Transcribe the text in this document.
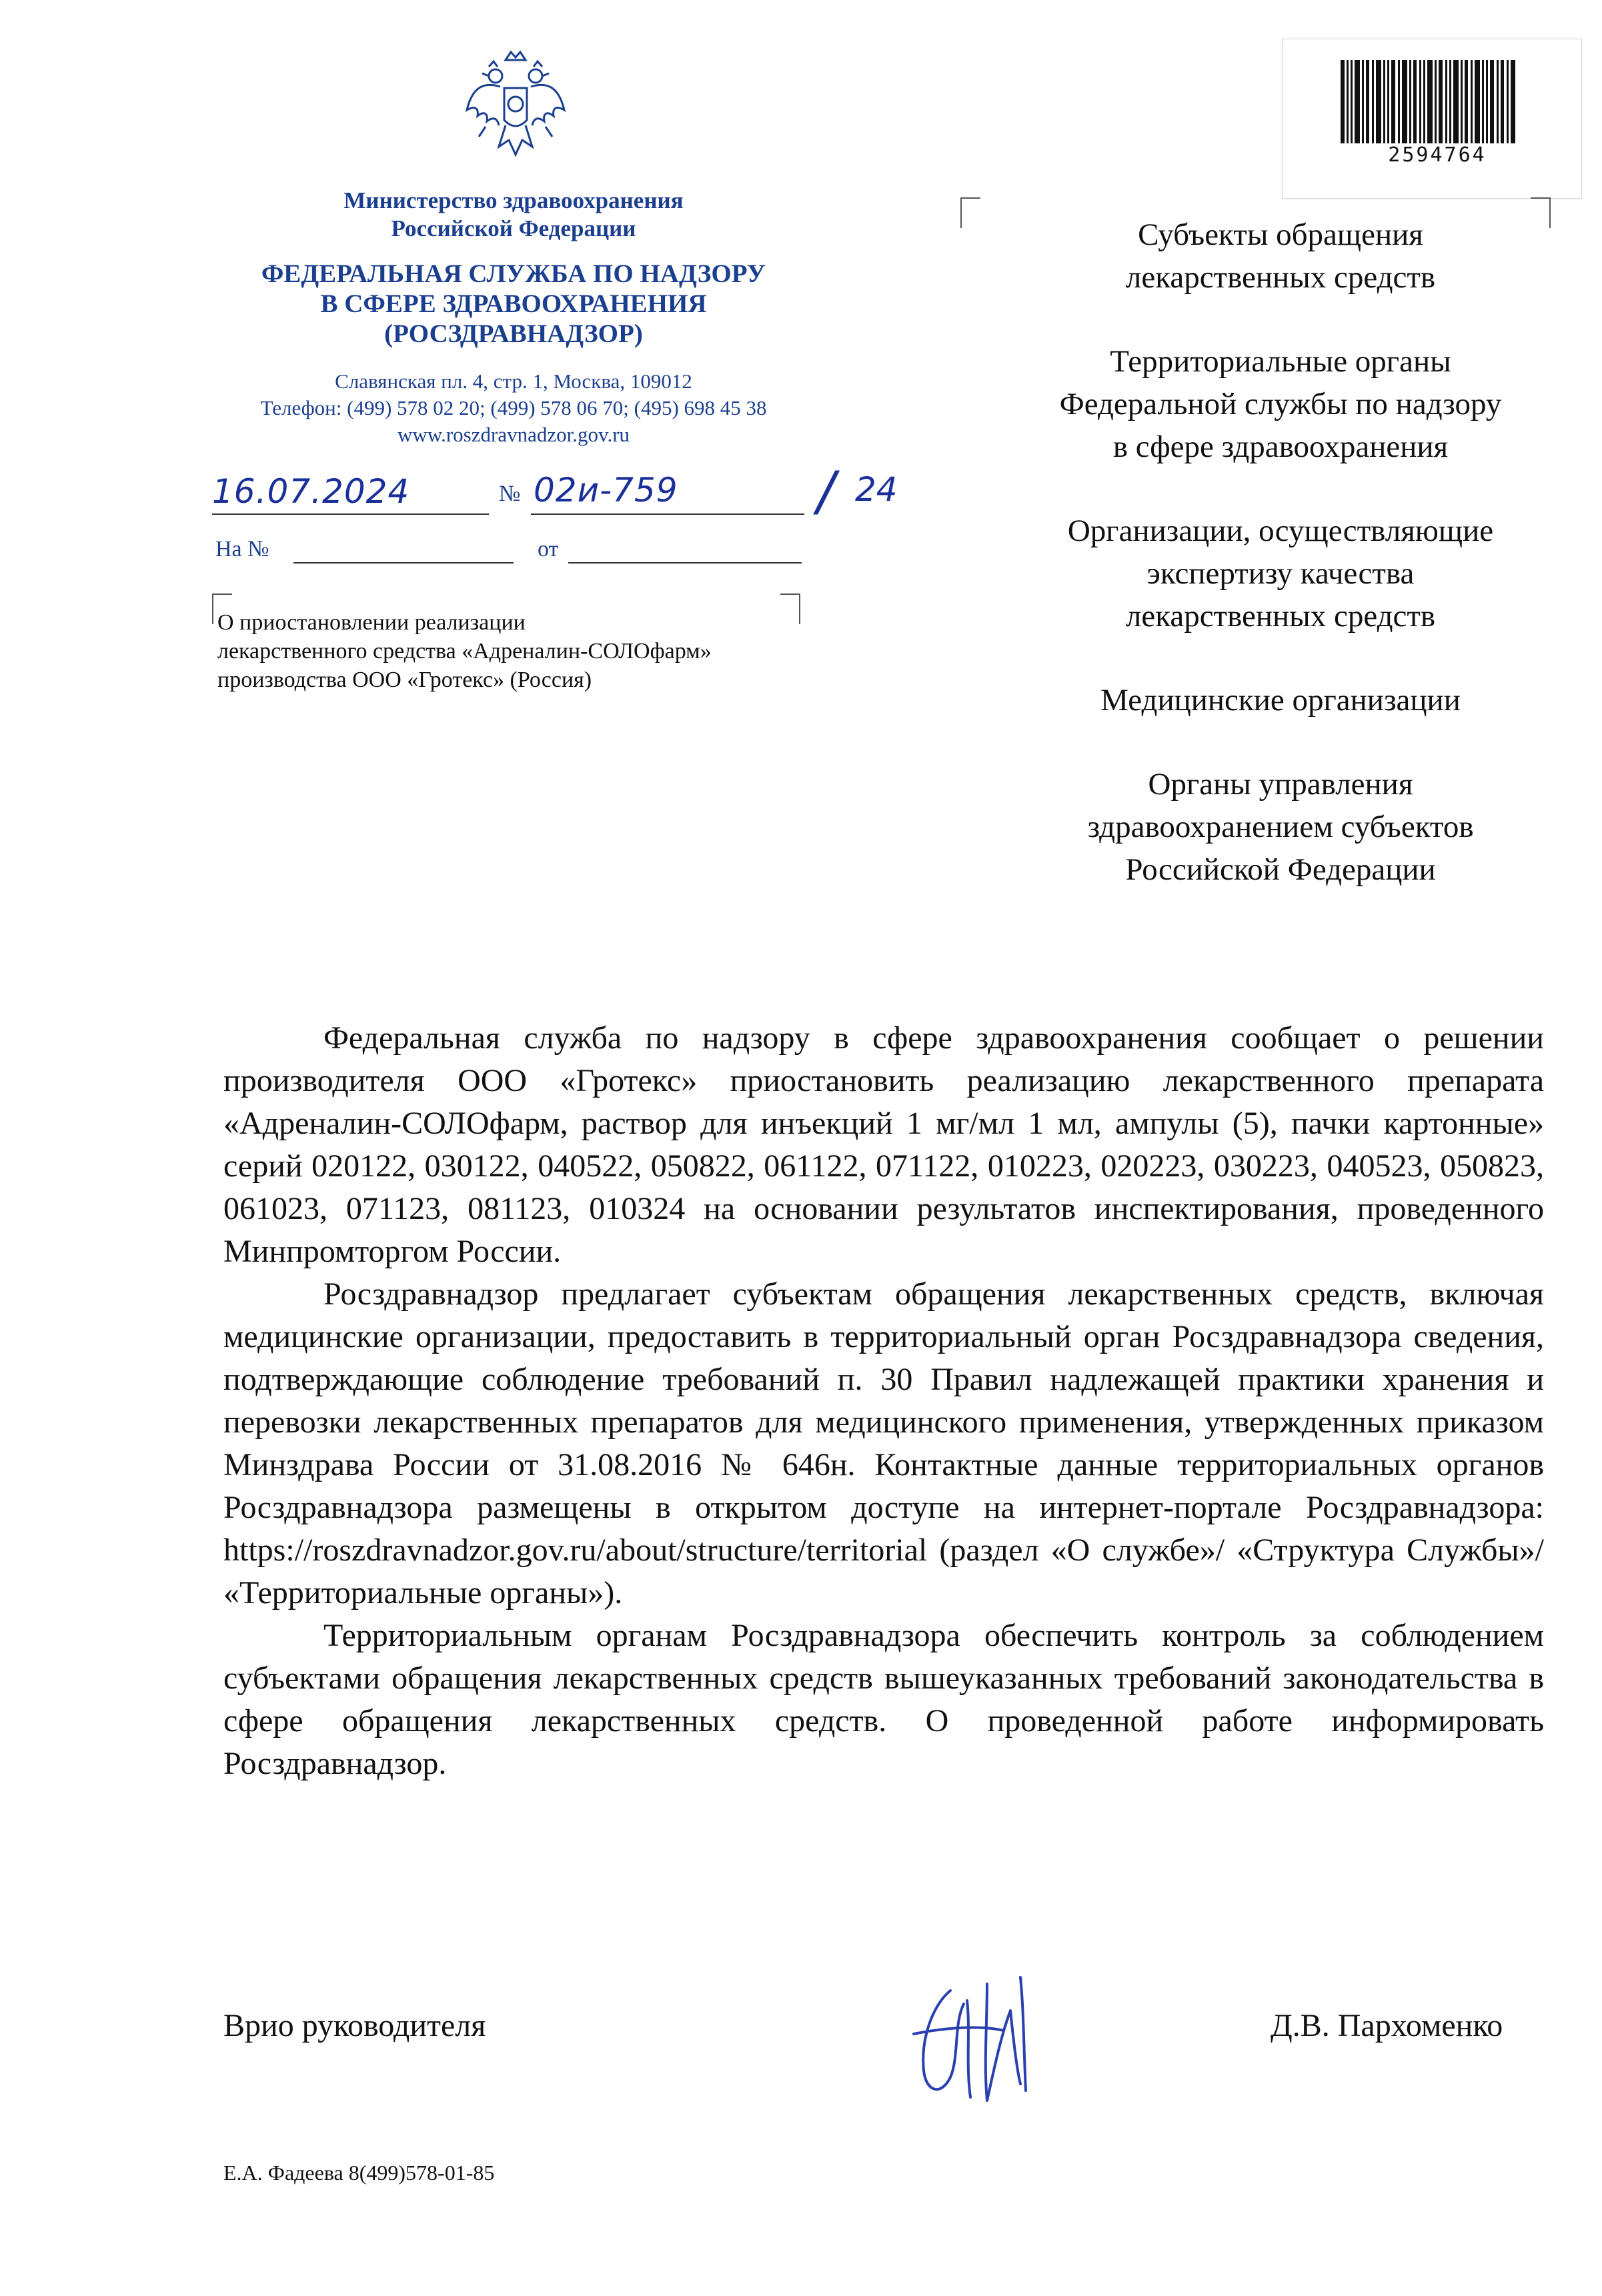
Министерство здравоохранения
Российской Федерации
ФЕДЕРАЛЬНАЯ СЛУЖБА ПО НАДЗОРУ
В СФЕРЕ ЗДРАВООХРАНЕНИЯ
(РОСЗДРАВНАДЗОР)
Славянская пл. 4, стр. 1, Москва, 109012
Телефон: (499) 578 02 20; (499) 578 06 70; (495) 698 45 38
www.roszdravnadzor.gov.ru
16.07.2024	№ 02и-759	/ 24
На №	от
О приостановлении реализации
лекарственного средства «Адреналин-СОЛОфарм»
производства ООО «Гротекс» (Россия)
2594764
Субъекты обращения
лекарственных средств
Территориальные органы
Федеральной службы по надзору
в сфере здравоохранения
Организации, осуществляющие
экспертизу качества
лекарственных средств
Медицинские организации
Органы управления
здравоохранением субъектов
Российской Федерации

Федеральная служба по надзору в сфере здравоохранения сообщает о решении производителя ООО «Гротекс» приостановить реализацию лекарственного препарата «Адреналин-СОЛОфарм, раствор для инъекций 1 мг/мл 1 мл, ампулы (5), пачки картонные» серий 020122, 030122, 040522, 050822, 061122, 071122, 010223, 020223, 030223, 040523, 050823, 061023, 071123, 081123, 010324 на основании результатов инспектирования, проведенного Минпромторгом России.

Росздравнадзор предлагает субъектам обращения лекарственных средств, включая медицинские организации, предоставить в территориальный орган Росздравнадзора сведения, подтверждающие соблюдение требований п. 30 Правил надлежащей практики хранения и перевозки лекарственных препаратов для медицинского применения, утвержденных приказом Минздрава России от 31.08.2016 № 646н. Контактные данные территориальных органов Росздравнадзора размещены в открытом доступе на интернет-портале Росздравнадзора: https://roszdravnadzor.gov.ru/about/structure/territorial (раздел «О службе»/ «Структура Службы»/ «Территориальные органы»).

Территориальным органам Росздравнадзора обеспечить контроль за соблюдением субъектами обращения лекарственных средств вышеуказанных требований законодательства в сфере обращения лекарственных средств. О проведенной работе информировать Росздравнадзор.

Врио руководителя	Д.В. Пархоменко
Е.А. Фадеева 8(499)578-01-85
